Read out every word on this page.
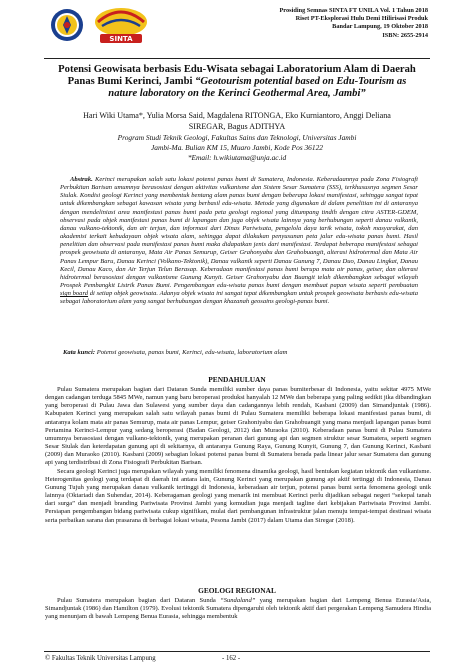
SINTA
Prosiding Semnas SINTA FT UNILA Vol. 1 Tahun 2018
Riset PT-Eksplorasi Hulu Demi Hilirisasi Produk
Bandar Lampung, 19 Oktober 2018
ISBN: 2655-2914
Potensi Geowisata berbasis Edu-Wisata sebagai Laboratorium Alam di Daerah Panas Bumi Kerinci, Jambi “Geotourism potential based on Edu-Tourism as nature laboratory on the Kerinci Geothermal Area, Jambi”
Hari Wiki Utama*, Yulia Morsa Said, Magdalena RITONGA, Eko Kurniantoro, Anggi Deliana
SIREGAR, Bagus ADITHYA
Program Studi Teknik Geologi, Fakultas Sains dan Teknologi, Universitas Jambi
Jambi-Ma. Bulian KM 15, Muaro Jambi, Kode Pos 36122
*Email: h.wikiutama@unja.ac.id
Abstrak. Kerinci merupakan salah satu lokasi potensi panas bumi di Sumatera, Indonesia. Keberadaannya pada Zona Fisiografi Perbukitan Barisan umumnya berasosiasi dengan aktivitas vulkanisme dan Sistem Sesar Sumatera (SSS), terkhususnya segmen Sesar Siulak. Kondisi geologi Kerinci yang membentuk bentang alam panas bumi dengan beberapa lokasi manifestasi, sehingga sangat tepat untuk dikembangkan sebagai kawasan wisata yang berbasil edu-wisata. Metode yang digunakan di dalam penelitian ini di antaranya dengan mendeliniasi area manifestasi panas bumi pada peta geologi regional yang ditumpang tindih dengan citra ASTER-GDEM, observasi pada objek manifestasi panas bumi di lapangan dan juga objek wisata lainnya yang berhubungan seperti danau vulkanik, danau vulkano-tektonik, dan air terjun, dan informasi dari Dinas Pariwisata, pengelola daya tarik wisata, tokoh masyarakat, dan akademisi terkait kebudayaan objek wisata alam, sehingga dapat dilakukan penyusunan peta jalur edu-wisata panas bumi. Hasil penelitian dan observasi pada manifestasi panas bumi maka didapatkan jenis dari manifestasi. Terdapat beberapa manifestasi sebagai prospek geowisata di antaranya, Mata Air Panas Semurup, Geiser Grahonyabu dan Grahobuangit, alterasi hidrotermal dan Mata Air Panas Lempur Baru, Danau Kerinci (Volkano-Tektonik), Danau vulkanik seperti Danau Gunung 7, Danau Duo, Danau Lingkat, Danau Kecil, Danau Kaco, dan Air Terjun Telun Berasap. Keberadaan manifestasi panas bumi berupa mata air panas, geiser, dan alterasi hidrotermal berasosiasi dengan vulkanisme Gunung Kunyit. Geiser Grahonyabu dan Buangit telah dikembangkan sebagai wilayah Prospek Pembangkit Listrik Panas Bumi. Pengembangan edu-wisata panas bumi dengan membuat papan wisata seperti pembuatan sign board di setiap objek geowisata. Adanya objek wisata ini sangat tepat dikembangkan untuk prospek geowisata berbasis edu-wisata sebagai laboratorium alam yang sangat berhubungan dengan khazanah geosains geologi-panas bumi.
Kata kunci: Potensi geowisata, panas bumi, Kerinci, edu-wisata, laboratorium alam
PENDAHULUAN

Pulau Sumatera merupakan bagian dari Dataran Sunda memiliki sumber daya panas bumiterbesar di Indonesia, yaitu sekitar 4975 MWe dengan cadangan terduga 5845 MWe, namun yang baru beroperasi produksi hanyalah 12 MWe dan beberapa yang paling sedikit jika dibandingkan yang beroperasi di Pulau Jawa dan Sulawesi yang sumber daya dan cadangannya lebih rendah, Kasbani (2009) dan Simandjuntak (1986). Kabupaten Kerinci yang merupakan salah satu wilayah panas bumi di Pulau Sumatera memiliki beberapa lokasi manifestasi panas bumi, di antaranya kolam mata air panas Semurup, mata air panas Lempur, geiser Grahoniyabu dan Grahobuangit yang mana menjadi lapangan panas bumi Pertamina Kerinci-Lempur yang sedang beroperasi (Badan Geologi, 2012) dan Muraoka (2010). Keberadaan panas bumi di Pulau Sumatera umumnya berasosiasi dengan vulkano-tektonik, yang merupakan peranan dari gunung api dan segmen struktur sesar Sumatera, seperti segmen Sesar Siulak dan keterdapatan gunung api di sekitarnya, di antaranya Gunung Raya, Gunung Kunyit, Gunung 7, dan Gunung Kerinci, Kasbani (2009) dan Muraoko (2010). Kasbani (2009) sebagian lokasi potensi panas bumi di Sumatera berada pada linear jalur sesar Sumatera dan gunung api yang terdistribusi di Zona Fisiografi Perbukitan Barisan.

Secara geologi Kerinci juga merupakan wilayah yang memiliki fenomena dinamika geologi, hasil bentukan kegiatan tektonik dan vulkanisme. Heterogenitas geologi yang terdapat di daerah ini antara lain, Gunung Kerinci yang merupakan gunung api aktif tertinggi di Indonesia, Danau Gunung Tujuh yang merupakan danau vulkanik tertinggi di Indonesia, keberadaan air terjun, potensi panas bumi serta fenomena geologi unik lainnya (Oktariadi dan Suhendar, 2014). Keberagaman geologi yang menarik ini membuat Kerinci perlu dijadikan sebagai negeri “sekepal tanah dari surga” dan menjadi branding Pariwisata Provinsi Jambi yang kemudian juga menjadi tagline dari kebijakan Pariwisata Provinsi Jambi. Persiapan pengembangan bidang pariwisata cukup signifikan, mulai dari pembangunan infrastruktur jalan menuju tempat-tempat destinasi wisata serta perbaikan sarana dan prasarana di berbagai lokasi wisata, Pesona Jambi (2017) dalam Utama dan Siregar (2018).

GEOLOGI REGIONAL

Pulau Sumatera merupakan bagian dari Dataran Sunda “Sundaland” yang merupakan bagian dari Lempeng Benua Eurasia/Asia, Simandjuntak (1986) dan Hamilton (1979). Evolusi tektonik Sumatera dipengaruhi oleh tektonik aktif dari pergerakan Lempeng Samudera Hindia yang menunjam di bawah Lempeng Benua Eurasia, sehingga membentuk

© Fakultas Teknik Universitas Lampung	- 162 -
